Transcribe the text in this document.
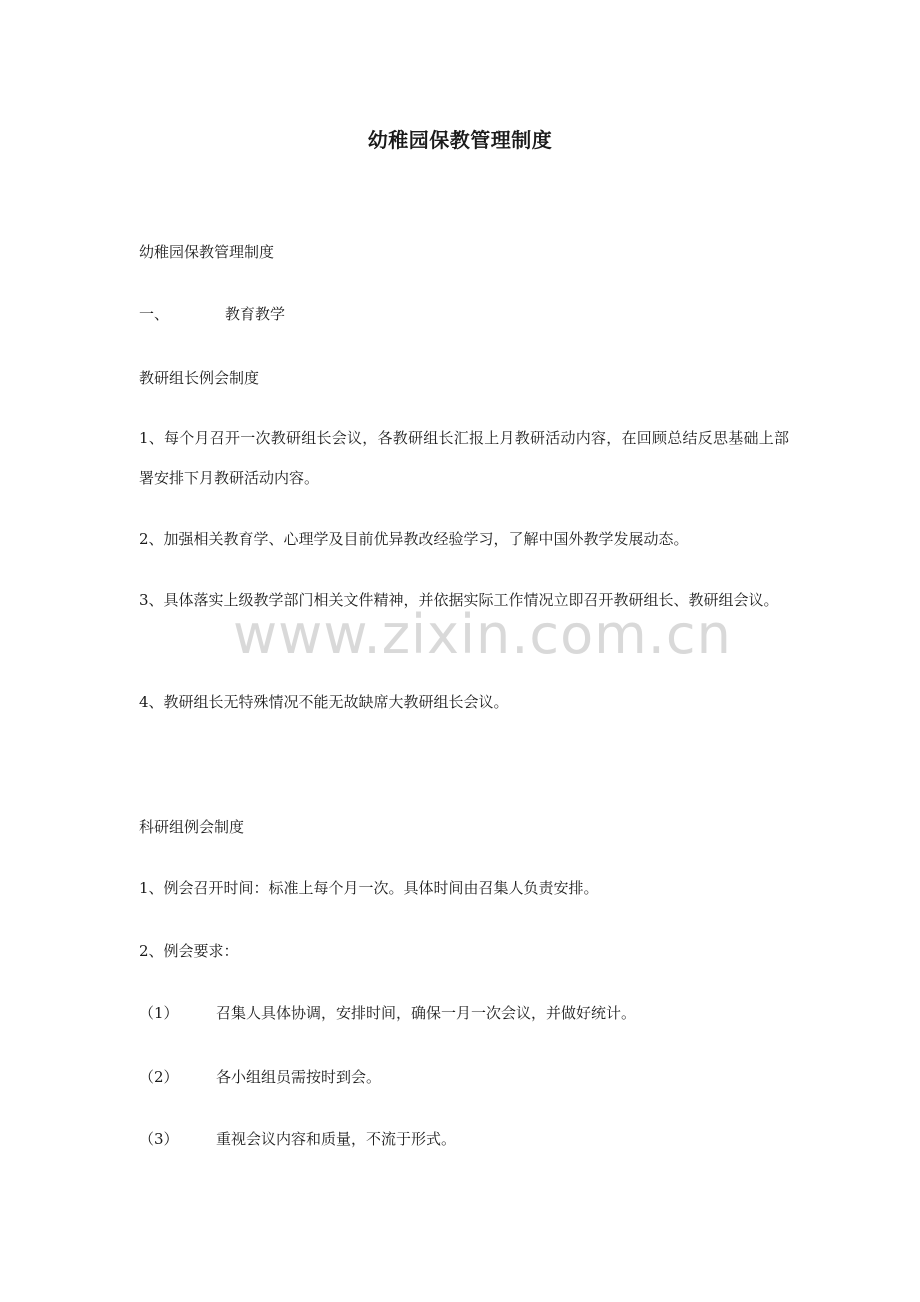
幼稚园保教管理制度
幼稚园保教管理制度
一、	教育教学
教研组长例会制度
1、每个月召开一次教研组长会议，各教研组长汇报上月教研活动内容，在回顾总结反思基础上部署安排下月教研活动内容。
2、加强相关教育学、心理学及目前优异教改经验学习，了解中国外教学发展动态。
3、具体落实上级教学部门相关文件精神，并依据实际工作情况立即召开教研组长、教研组会议。
4、教研组长无特殊情况不能无故缺席大教研组长会议。
科研组例会制度
1、例会召开时间：标准上每个月一次。具体时间由召集人负责安排。
2、例会要求：
（1） 召集人具体协调，安排时间，确保一月一次会议，并做好统计。
（2） 各小组组员需按时到会。
（3） 重视会议内容和质量，不流于形式。
www.zixin.com.cn
